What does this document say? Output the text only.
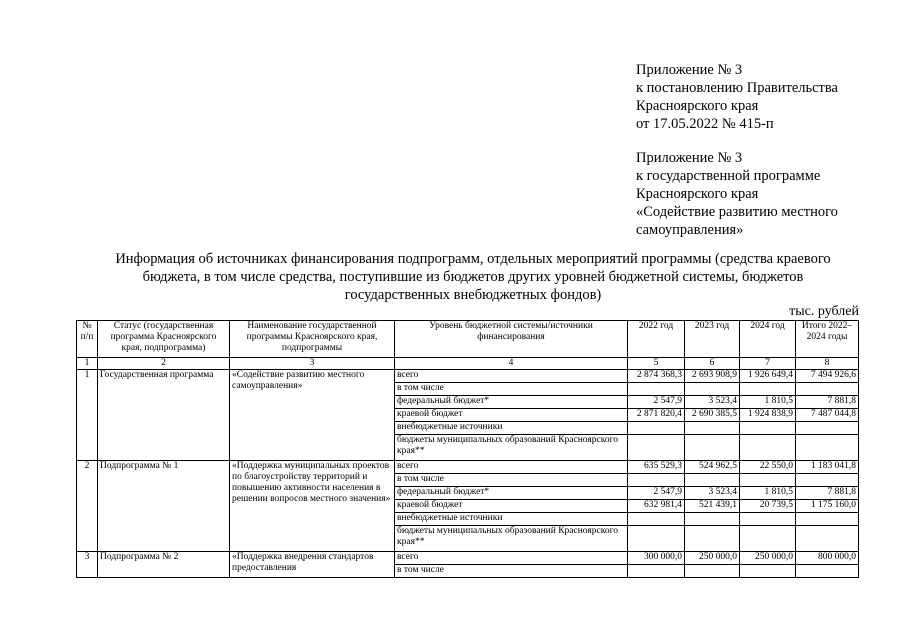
Приложение № 3
к постановлению Правительства
Красноярского края
от 17.05.2022 № 415-п
Приложение № 3
к государственной программе
Красноярского края
«Содействие развитию местного
самоуправления»
Информация об источниках финансирования подпрограмм, отдельных мероприятий программы (средства краевого
бюджета, в том числе средства, поступившие из бюджетов других уровней бюджетной системы, бюджетов
государственных внебюджетных фондов)
тыс. рублей
№ п/п	Статус (государственная программа Красноярского края, подпрограмма)	Наименование государственной программы Красноярского края, подпрограммы	Уровень бюджетной системы/источники финансирования	2022 год	2023 год	2024 год	Итого 2022–2024 годы
1	2	3	4	5	6	7	8
1	Государственная программа	«Содействие развитию местного самоуправления»	всего	2 874 368,3	2 693 908,9	1 926 649,4	7 494 926,6
			в том числе				
			федеральный бюджет*	2 547,9	3 523,4	1 810,5	7 881,8
			краевой бюджет	2 871 820,4	2 690 385,5	1 924 838,9	7 487 044,8
			внебюджетные источники				
			бюджеты муниципальных образований Красноярского края**				
2	Подпрограмма № 1	«Поддержка муниципальных проектов по благоустройству территорий и повышению активности населения в решении вопросов местного значения»	всего	635 529,3	524 962,5	22 550,0	1 183 041,8
			в том числе				
			федеральный бюджет*	2 547,9	3 523,4	1 810,5	7 881,8
			краевой бюджет	632 981,4	521 439,1	20 739,5	1 175 160,0
			внебюджетные источники				
			бюджеты муниципальных образований Красноярского края**				
3	Подпрограмма № 2	«Поддержка внедрения стандартов предоставления	всего	300 000,0	250 000,0	250 000,0	800 000,0
			в том числе				
